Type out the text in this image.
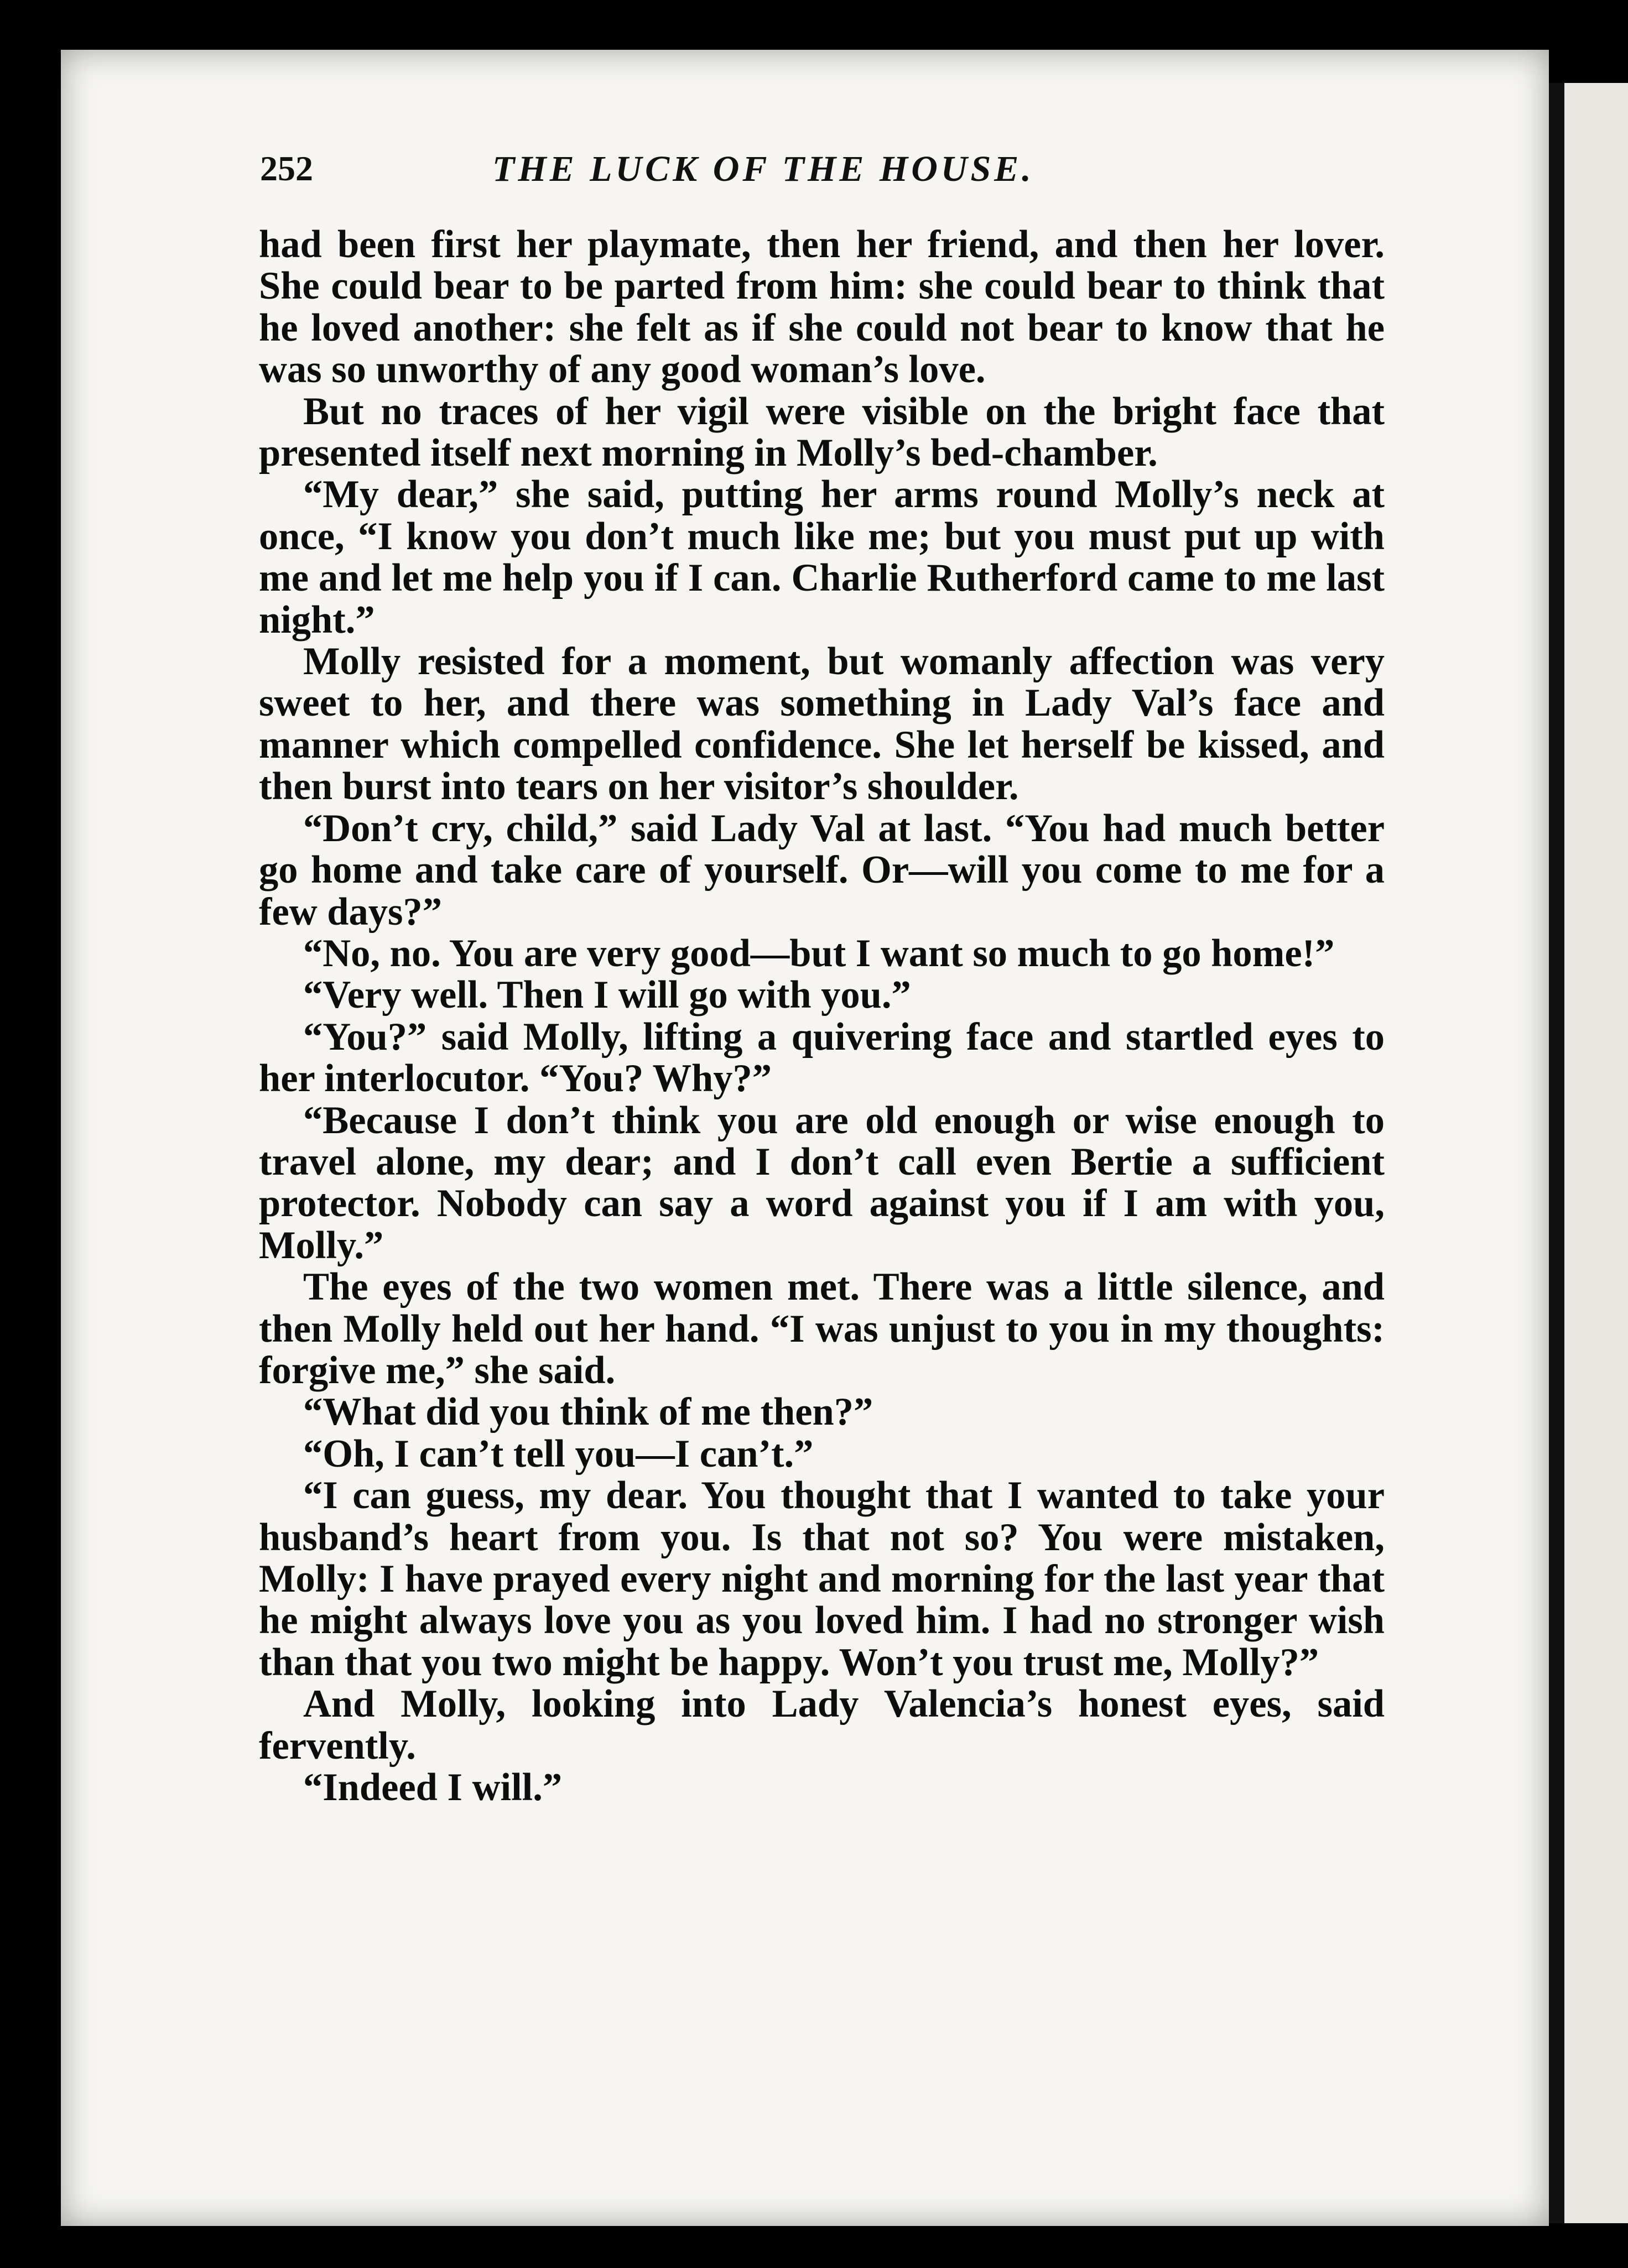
252	THE LUCK OF THE HOUSE.

had been first her playmate, then her friend, and then her lover. She could bear to be parted from him: she could bear to think that he loved another: she felt as if she could not bear to know that he was so unworthy of any good woman’s love.

But no traces of her vigil were visible on the bright face that presented itself next morning in Molly’s bed-chamber.

“My dear,” she said, putting her arms round Molly’s neck at once, “I know you don’t much like me; but you must put up with me and let me help you if I can. Charlie Rutherford came to me last night.”

Molly resisted for a moment, but womanly affection was very sweet to her, and there was something in Lady Val’s face and manner which compelled confidence. She let herself be kissed, and then burst into tears on her visitor’s shoulder.

“Don’t cry, child,” said Lady Val at last. “You had much better go home and take care of yourself. Or—will you come to me for a few days?”

“No, no. You are very good—but I want so much to go home!”

“Very well. Then I will go with you.”

“You?” said Molly, lifting a quivering face and startled eyes to her interlocutor. “You? Why?”

“Because I don’t think you are old enough or wise enough to travel alone, my dear; and I don’t call even Bertie a sufficient protector. Nobody can say a word against you if I am with you, Molly.”

The eyes of the two women met. There was a little silence, and then Molly held out her hand. “I was unjust to you in my thoughts: forgive me,” she said.

“What did you think of me then?”

“Oh, I can’t tell you—I can’t.”

“I can guess, my dear. You thought that I wanted to take your husband’s heart from you. Is that not so? You were mistaken, Molly: I have prayed every night and morning for the last year that he might always love you as you loved him. I had no stronger wish than that you two might be happy. Won’t you trust me, Molly?”

And Molly, looking into Lady Valencia’s honest eyes, said fervently.

“Indeed I will.”
